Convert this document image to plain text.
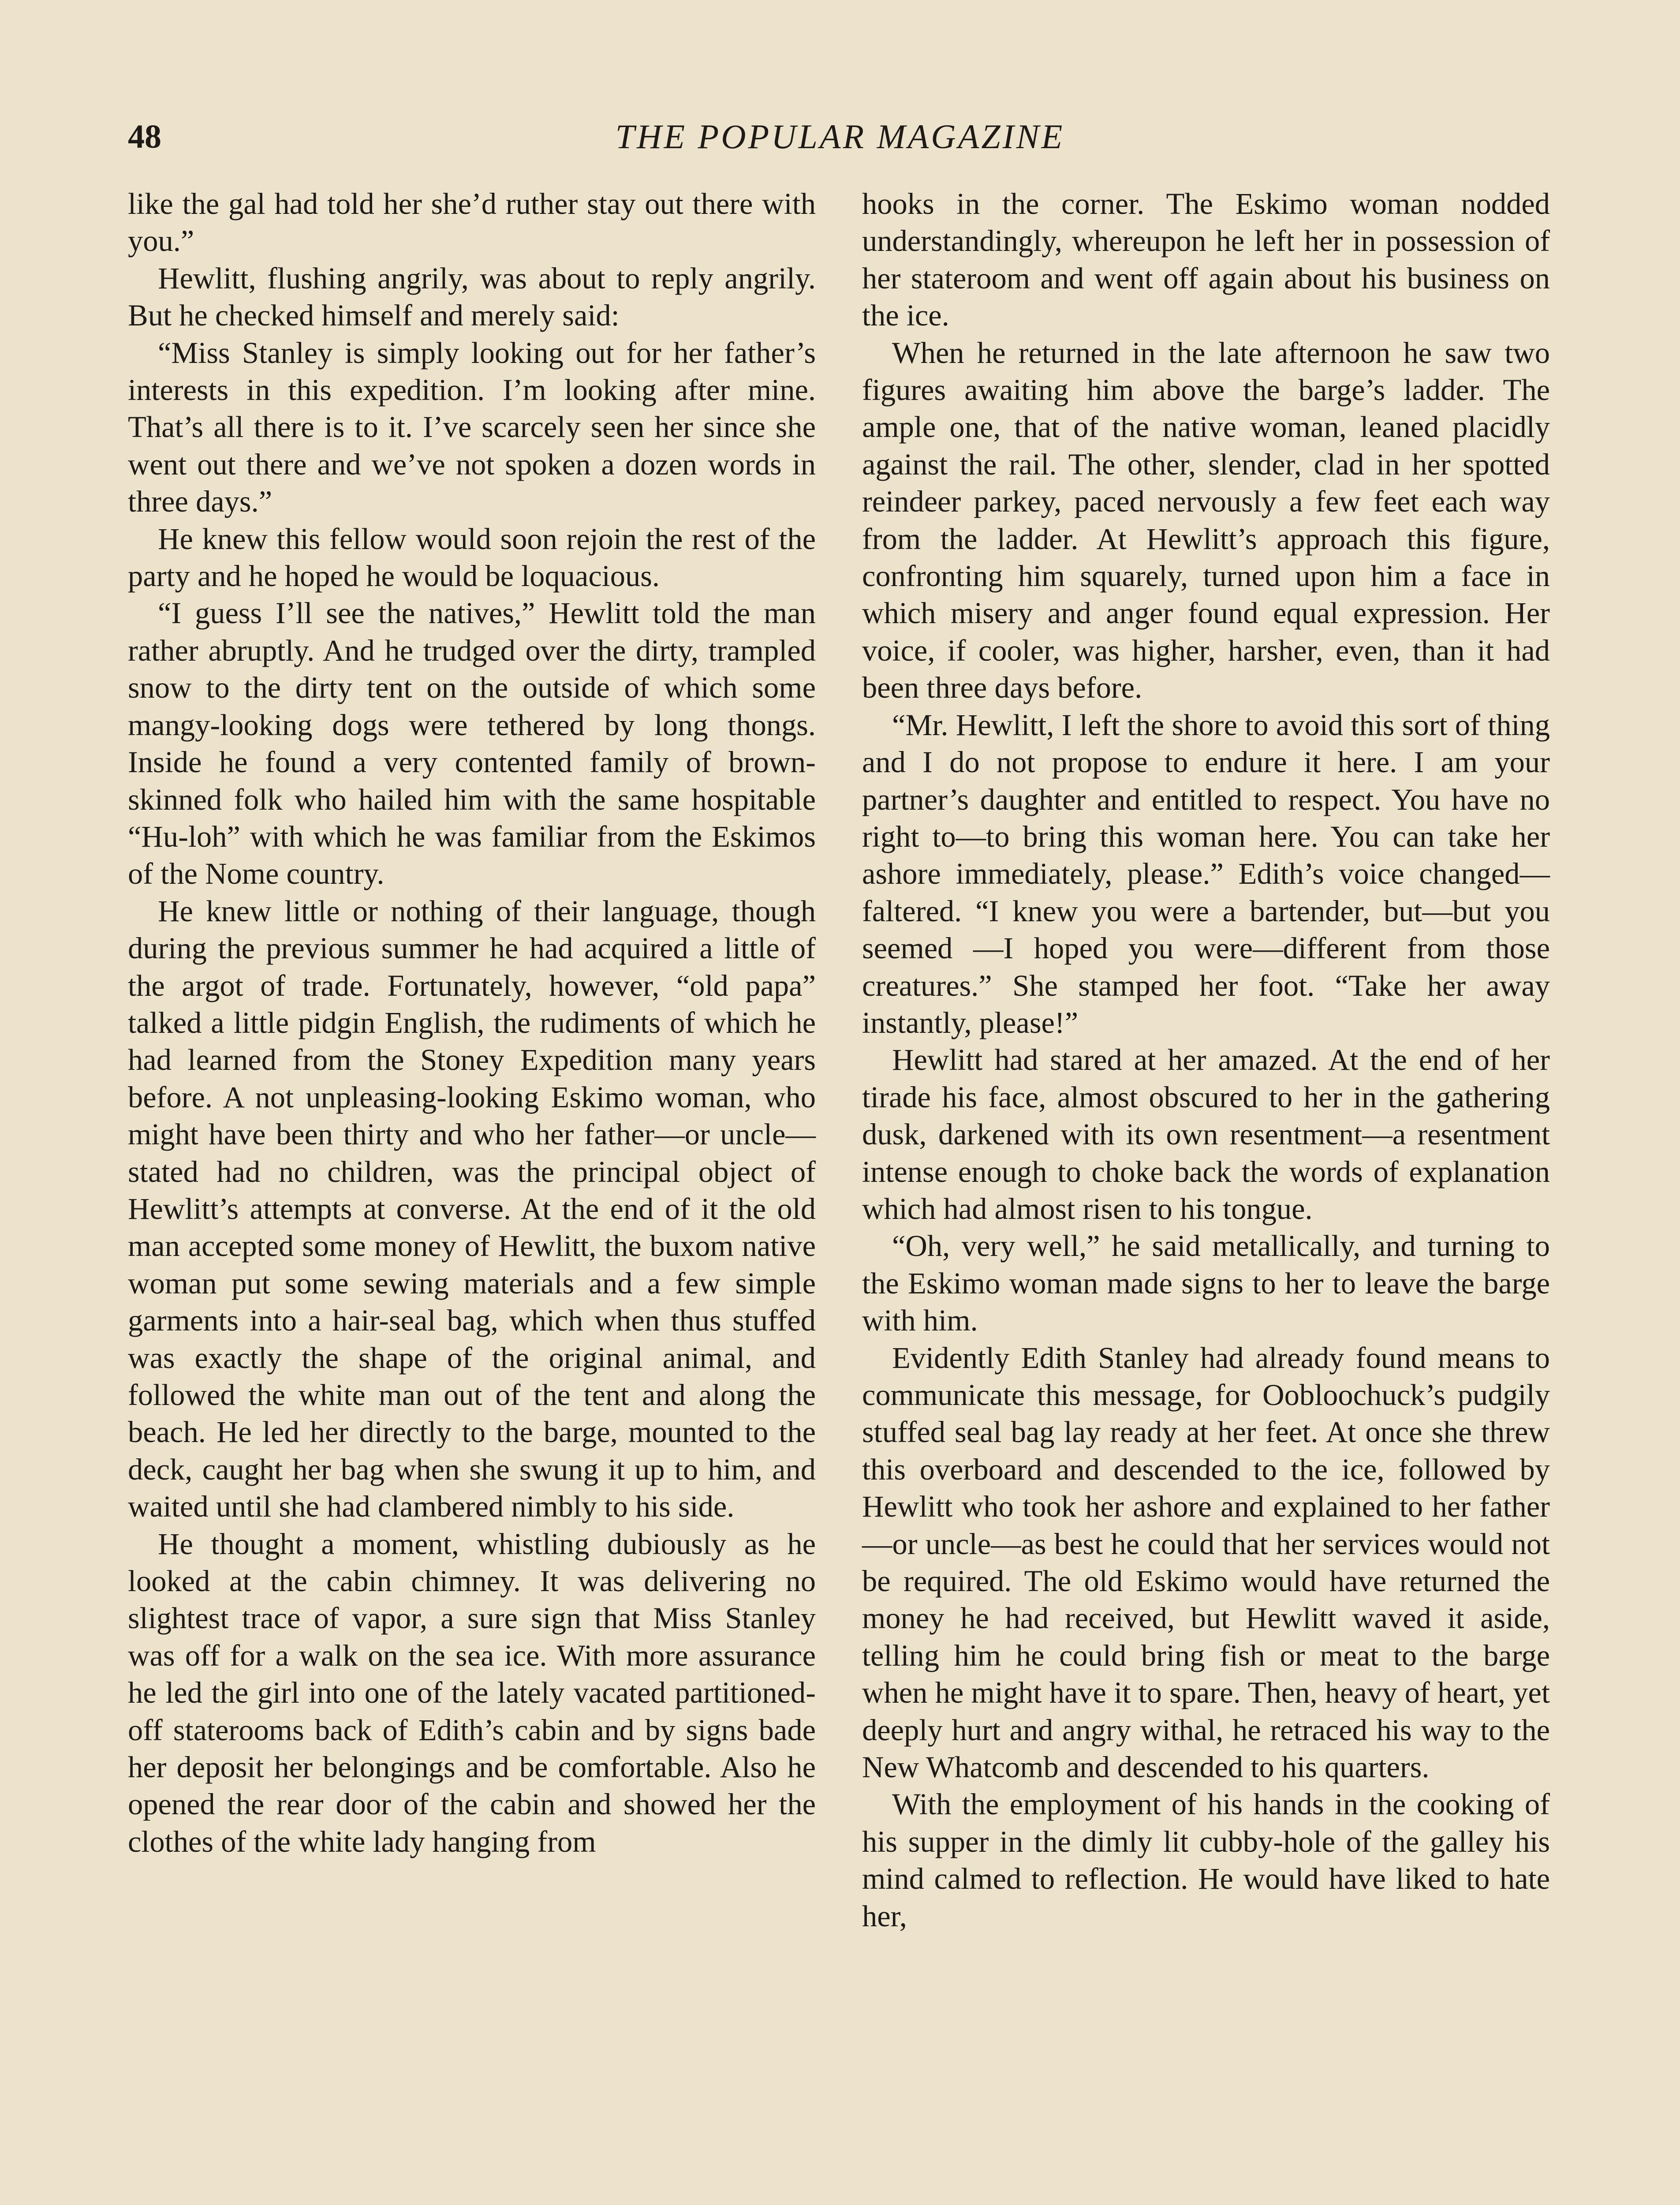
48	THE POPULAR MAGAZINE

like the gal had told her she’d ruther stay out there with you.”

Hewlitt, flushing angrily, was about to reply angrily. But he checked himself and merely said:

“Miss Stanley is simply looking out for her father’s interests in this expedition. I’m looking after mine. That’s all there is to it. I’ve scarcely seen her since she went out there and we’ve not spoken a dozen words in three days.”

He knew this fellow would soon rejoin the rest of the party and he hoped he would be loquacious.

“I guess I’ll see the natives,” Hewlitt told the man rather abruptly. And he trudged over the dirty, trampled snow to the dirty tent on the outside of which some mangy-looking dogs were tethered by long thongs. Inside he found a very contented family of brown-skinned folk who hailed him with the same hospitable “Hu-loh” with which he was familiar from the Eskimos of the Nome country.

He knew little or nothing of their language, though during the previous summer he had acquired a little of the argot of trade. Fortunately, however, “old papa” talked a little pidgin English, the rudiments of which he had learned from the Stoney Expedition many years before. A not unpleasing-looking Eskimo woman, who might have been thirty and who her father—or uncle—stated had no children, was the principal object of Hewlitt’s attempts at converse. At the end of it the old man accepted some money of Hewlitt, the buxom native woman put some sewing materials and a few simple garments into a hair-seal bag, which when thus stuffed was exactly the shape of the original animal, and followed the white man out of the tent and along the beach. He led her directly to the barge, mounted to the deck, caught her bag when she swung it up to him, and waited until she had clambered nimbly to his side.

He thought a moment, whistling dubiously as he looked at the cabin chimney. It was delivering no slightest trace of vapor, a sure sign that Miss Stanley was off for a walk on the sea ice. With more assurance he led the girl into one of the lately vacated partitioned-off staterooms back of Edith’s cabin and by signs bade her deposit her belongings and be comfortable. Also he opened the rear door of the cabin and showed her the clothes of the white lady hanging from

hooks in the corner. The Eskimo woman nodded understandingly, whereupon he left her in possession of her stateroom and went off again about his business on the ice.

When he returned in the late afternoon he saw two figures awaiting him above the barge’s ladder. The ample one, that of the native woman, leaned placidly against the rail. The other, slender, clad in her spotted reindeer parkey, paced nervously a few feet each way from the ladder. At Hewlitt’s approach this figure, confronting him squarely, turned upon him a face in which misery and anger found equal expression. Her voice, if cooler, was higher, harsher, even, than it had been three days before.

“Mr. Hewlitt, I left the shore to avoid this sort of thing and I do not propose to endure it here. I am your partner’s daughter and entitled to respect. You have no right to—to bring this woman here. You can take her ashore immediately, please.” Edith’s voice changed—faltered. “I knew you were a bartender, but—but you seemed —I hoped you were—different from those creatures.” She stamped her foot. “Take her away instantly, please!”

Hewlitt had stared at her amazed. At the end of her tirade his face, almost obscured to her in the gathering dusk, darkened with its own resentment—a resentment intense enough to choke back the words of explanation which had almost risen to his tongue.

“Oh, very well,” he said metallically, and turning to the Eskimo woman made signs to her to leave the barge with him.

Evidently Edith Stanley had already found means to communicate this message, for Oobloochuck’s pudgily stuffed seal bag lay ready at her feet. At once she threw this overboard and descended to the ice, followed by Hewlitt who took her ashore and explained to her father—or uncle—as best he could that her services would not be required. The old Eskimo would have returned the money he had received, but Hewlitt waved it aside, telling him he could bring fish or meat to the barge when he might have it to spare. Then, heavy of heart, yet deeply hurt and angry withal, he retraced his way to the New Whatcomb and descended to his quarters.

With the employment of his hands in the cooking of his supper in the dimly lit cubby-hole of the galley his mind calmed to reflection. He would have liked to hate her,
